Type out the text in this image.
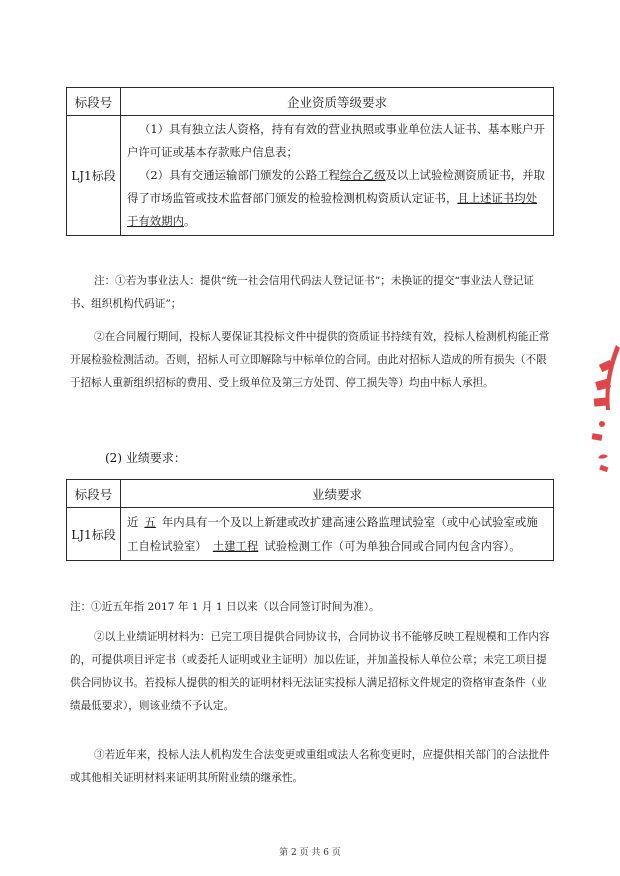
标段号	企业资质等级要求
LJ1标段	（1）具有独立法人资格，持有有效的营业执照或事业单位法人证书、基本账户开户许可证或基本存款账户信息表；

（2）具有交通运输部门颁发的公路工程综合乙级及以上试验检测资质证书，并取得了市场监管或技术监督部门颁发的检验检测机构资质认定证书，且上述证书均处于有效期内。

注：①若为事业法人：提供“统一社会信用代码法人登记证书”；未换证的提交“事业法人登记证书、组织机构代码证”；

②在合同履行期间，投标人要保证其投标文件中提供的资质证书持续有效，投标人检测机构能正常开展检验检测活动。否则，招标人可立即解除与中标单位的合同。由此对招标人造成的所有损失（不限于招标人重新组织招标的费用、受上级单位及第三方处罚、停工损失等）均由中标人承担。

(2) 业绩要求：

标段号	业绩要求
LJ1标段	近 五 年内具有一个及以上新建或改扩建高速公路监理试验室（或中心试验室或施工自检试验室） 土建工程 试验检测工作（可为单独合同或合同内包含内容）。

注：①近五年指 2017 年 1 月 1 日以来（以合同签订时间为准）。

②以上业绩证明材料为：已完工项目提供合同协议书，合同协议书不能够反映工程规模和工作内容的，可提供项目评定书（或委托人证明或业主证明）加以佐证，并加盖投标人单位公章；未完工项目提供合同协议书。若投标人提供的相关的证明材料无法证实投标人满足招标文件规定的资格审查条件（业绩最低要求），则该业绩不予认定。

③若近年来，投标人法人机构发生合法变更或重组或法人名称变更时，应提供相关部门的合法批件或其他相关证明材料来证明其所附业绩的继承性。

第 2 页 共 6 页
